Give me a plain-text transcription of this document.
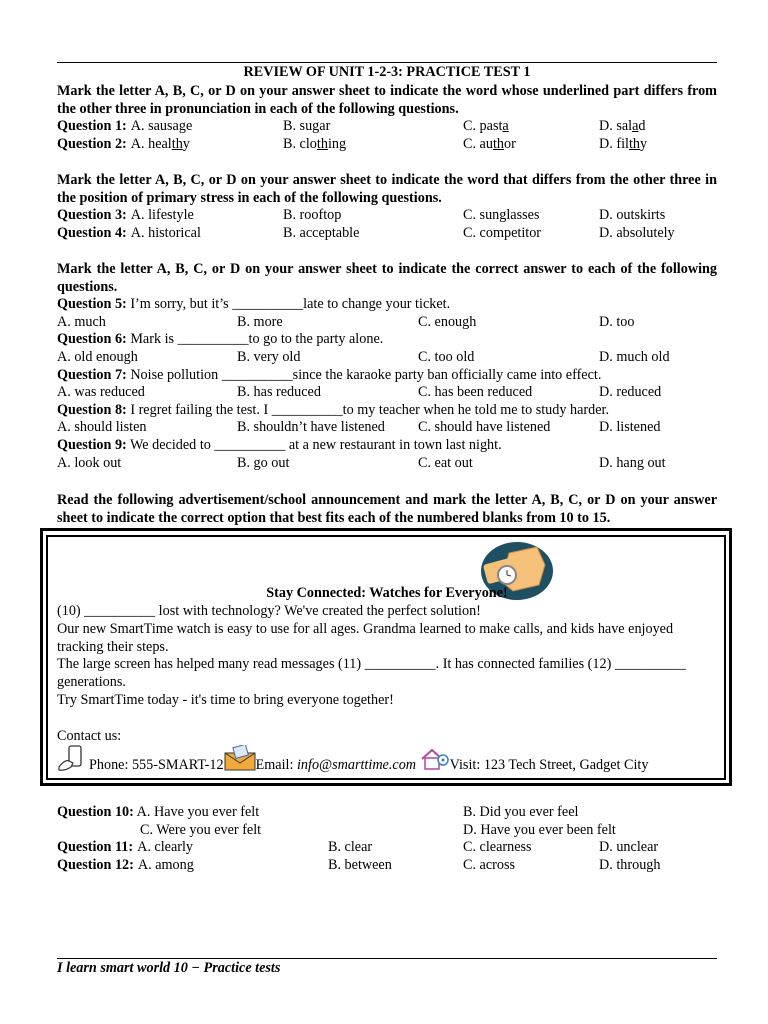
REVIEW OF UNIT 1-2-3: PRACTICE TEST 1
Mark the letter A, B, C, or D on your answer sheet to indicate the word whose underlined part differs from the other three in pronunciation in each of the following questions.
Question 1: A. sausage	B. sugar	C. pasta	D. salad
Question 2: A. healthy	B. clothing	C. author	D. filthy
Mark the letter A, B, C, or D on your answer sheet to indicate the word that differs from the other three in the position of primary stress in each of the following questions.
Question 3: A. lifestyle	B. rooftop	C. sunglasses	D. outskirts
Question 4: A. historical	B. acceptable	C. competitor	D. absolutely
Mark the letter A, B, C, or D on your answer sheet to indicate the correct answer to each of the following questions.
Question 5: I’m sorry, but it’s __________late to change your ticket.
A. much	B. more	C. enough	D. too
Question 6: Mark is __________to go to the party alone.
A. old enough	B. very old	C. too old	D. much old
Question 7: Noise pollution __________since the karaoke party ban officially came into effect.
A. was reduced	B. has reduced	C. has been reduced	D. reduced
Question 8: I regret failing the test. I __________to my teacher when he told me to study harder.
A. should listen	B. shouldn’t have listened C. should have listened	D. listened
Question 9: We decided to __________ at a new restaurant in town last night.
A. look out	B. go out	C. eat out	D. hang out
Read the following advertisement/school announcement and mark the letter A, B, C, or D on your answer sheet to indicate the correct option that best fits each of the numbered blanks from 10 to 15.
Stay Connected: Watches for Everyone!
(10) __________ lost with technology? We've created the perfect solution!
Our new SmartTime watch is easy to use for all ages. Grandma learned to make calls, and kids have enjoyed tracking their steps.
The large screen has helped many read messages (11) __________. It has connected families (12) __________ generations.
Try SmartTime today - it's time to bring everyone together!
Contact us:
Phone: 555-SMART-12 Email: info@smarttime.com Visit: 123 Tech Street, Gadget City
Question 10: A. Have you ever felt	B. Did you ever feel
C. Were you ever felt	D. Have you ever been felt
Question 11: A. clearly	B. clear	C. clearness	D. unclear
Question 12: A. among	B. between	C. across	D. through
I learn smart world 10 − Practice tests
